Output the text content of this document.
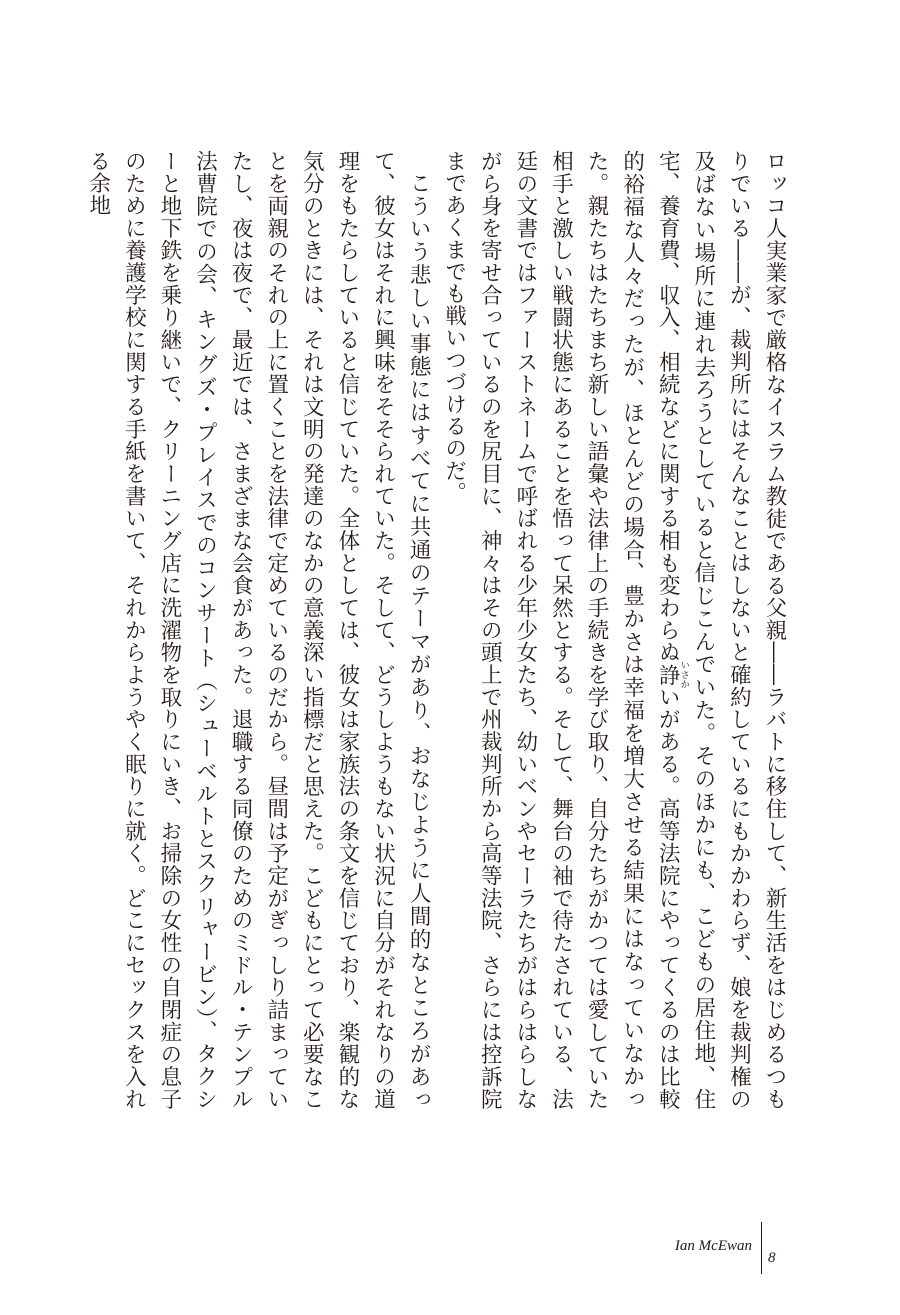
ロッコ人実業家で厳格なイスラム教徒である父親――ラバトに移住して、新生活をはじめるつもりでいる――が、裁判所にはそんなことはしないと確約しているにもかかわらず、娘を裁判権の及ばない場所に連れ去ろうとしていると信じこんでいた。そのほかにも、こどもの居住地、住宅、養育費、収入、相続などに関する相も変わらぬ諍いさかいがある。高等法院にやってくるのは比較的裕福な人々だったが、ほとんどの場合、豊かさは幸福を増大させる結果にはなっていなかった。親たちはたちまち新しい語彙や法律上の手続きを学び取り、自分たちがかつては愛していた相手と激しい戦闘状態にあることを悟って呆然とする。そして、舞台の袖で待たされている、法廷の文書ではファーストネームで呼ばれる少年少女たち、幼いベンやセーラたちがはらはらしながら身を寄せ合っているのを尻目に、神々はその頭上で州裁判所から高等法院、さらには控訴院まであくまでも戦いつづけるのだ。

こういう悲しい事態にはすべてに共通のテーマがあり、おなじように人間的なところがあって、彼女はそれに興味をそそられていた。そして、どうしようもない状況に自分がそれなりの道理をもたらしていると信じていた。全体としては、彼女は家族法の条文を信じており、楽観的な気分のときには、それは文明の発達のなかの意義深い指標だと思えた。こどもにとって必要なことを両親のそれの上に置くことを法律で定めているのだから。昼間は予定がぎっしり詰まっていたし、夜は夜で、最近では、さまざまな会食があった。退職する同僚のためのミドル・テンプル法曹院での会、キングズ・プレイスでのコンサート（シューベルトとスクリャービン）、タクシーと地下鉄を乗り継いで、クリーニング店に洗濯物を取りにいき、お掃除の女性の自閉症の息子のために養護学校に関する手紙を書いて、それからようやく眠りに就く。どこにセックスを入れる余地

Ian McEwan
8
